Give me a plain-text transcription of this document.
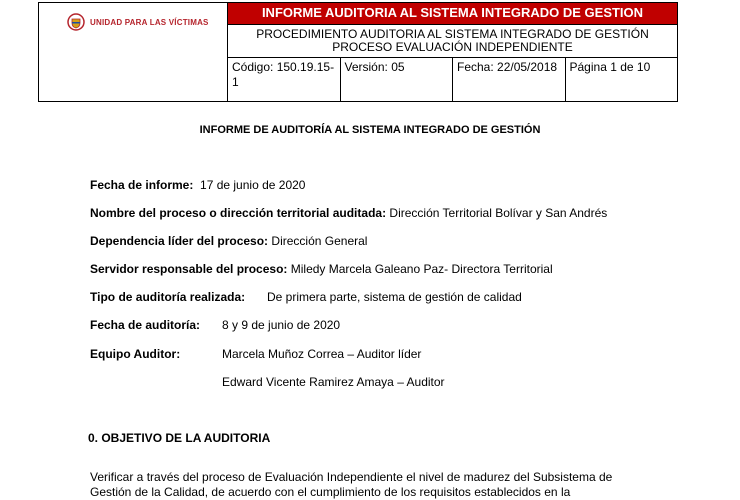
UNIDAD PARA LAS VÍCTIMAS	INFORME AUDITORIA AL SISTEMA INTEGRADO DE GESTION			

	PROCEDIMIENTO AUDITORIA AL SISTEMA INTEGRADO DE GESTIÓN
PROCESO EVALUACIÓN INDEPENDIENTE			

	Código: 150.19.15-1	Versión: 05	Fecha: 22/05/2018	Página 1 de 10
INFORME DE AUDITORÍA AL SISTEMA INTEGRADO DE GESTIÓN
Fecha de informe: 17 de junio de 2020
Nombre del proceso o dirección territorial auditada: Dirección Territorial Bolívar y San Andrés
Dependencia líder del proceso: Dirección General
Servidor responsable del proceso: Miledy Marcela Galeano Paz- Directora Territorial
Tipo de auditoría realizada: De primera parte, sistema de gestión de calidad
Fecha de auditoría: 8 y 9 de junio de 2020
Equipo Auditor:	Marcela Muñoz Correa – Auditor líder
Edward Vicente Ramirez Amaya – Auditor
0. OBJETIVO DE LA AUDITORIA
Verificar a través del proceso de Evaluación Independiente el nivel de madurez del Subsistema de Gestión de la Calidad, de acuerdo con el cumplimiento de los requisitos establecidos en la
